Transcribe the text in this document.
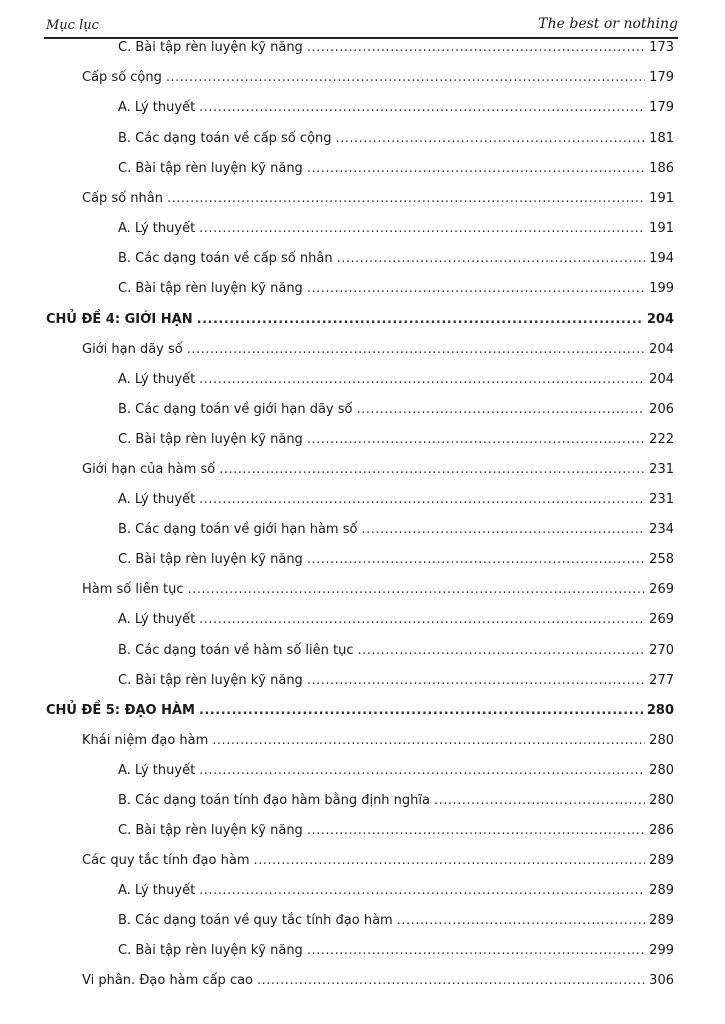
Mục lục	The best or nothing
C. Bài tập rèn luyện kỹ năng .....	173
Cấp số cộng .....	179
A. Lý thuyết .....	179
B. Các dạng toán về cấp số cộng .....	181
C. Bài tập rèn luyện kỹ năng .....	186
Cấp số nhân .....	191
A. Lý thuyết .....	191
B. Các dạng toán về cấp số nhân .....	194
C. Bài tập rèn luyện kỹ năng .....	199
CHỦ ĐỀ 4: GIỚI HẠN .....	204
Giới hạn dãy số .....	204
A. Lý thuyết .....	204
B. Các dạng toán về giới hạn dãy số .....	206
C. Bài tập rèn luyện kỹ năng .....	222
Giới hạn của hàm số .....	231
A. Lý thuyết .....	231
B. Các dạng toán về giới hạn hàm số .....	234
C. Bài tập rèn luyện kỹ năng .....	258
Hàm số liên tục .....	269
A. Lý thuyết .....	269
B. Các dạng toán về hàm số liên tục .....	270
C. Bài tập rèn luyện kỹ năng .....	277
CHỦ ĐỀ 5: ĐẠO HÀM .....	280
Khái niệm đạo hàm .....	280
A. Lý thuyết .....	280
B. Các dạng toán tính đạo hàm bằng định nghĩa .....	280
C. Bài tập rèn luyện kỹ năng .....	286
Các quy tắc tính đạo hàm .....	289
A. Lý thuyết .....	289
B. Các dạng toán về quy tắc tính đạo hàm .....	289
C. Bài tập rèn luyện kỹ năng .....	299
Vi phân. Đạo hàm cấp cao .....	306
